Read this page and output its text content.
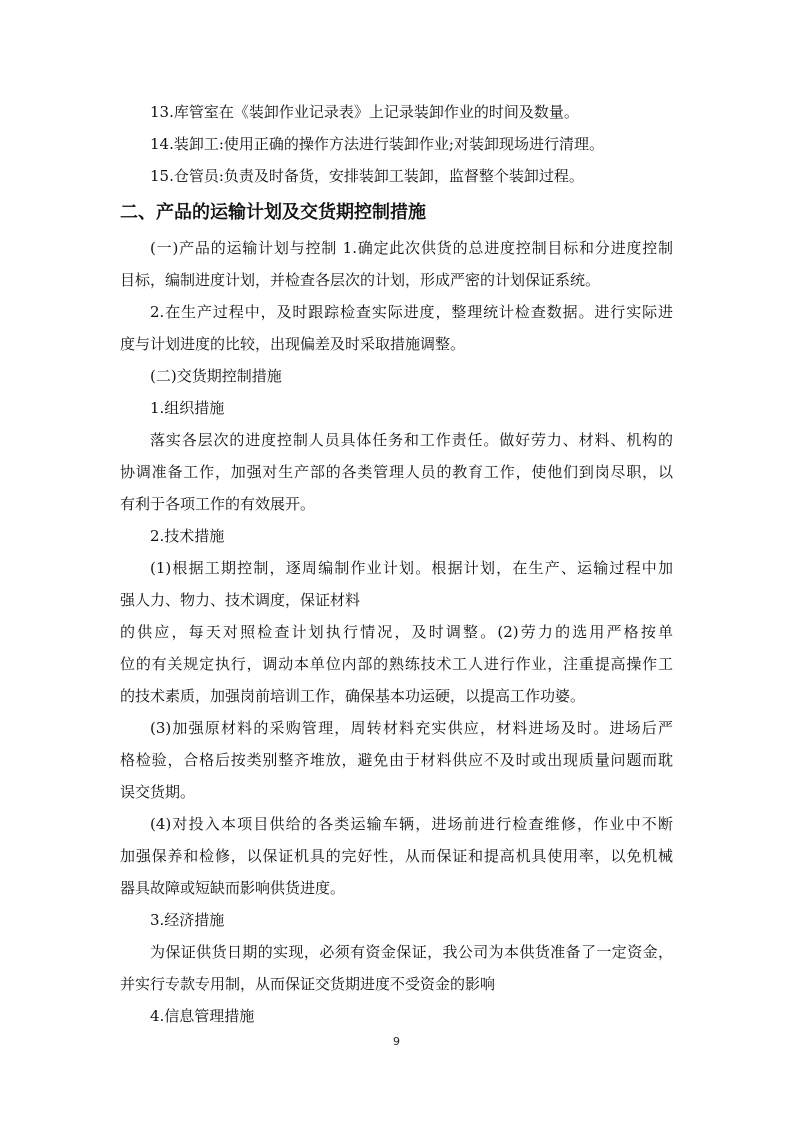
13.库管室在《装卸作业记录表》上记录装卸作业的时间及数量。
14.装卸工:使用正确的操作方法进行装卸作业;对装卸现场进行清理。
15.仓管员:负责及时备货，安排装卸工装卸，监督整个装卸过程。
二、产品的运输计划及交货期控制措施
(一)产品的运输计划与控制 1.确定此次供货的总进度控制目标和分进度控制
目标，编制进度计划，并检查各层次的计划，形成严密的计划保证系统。
2.在生产过程中，及时跟踪检查实际进度，整理统计检查数据。进行实际进
度与计划进度的比较，出现偏差及时采取措施调整。
(二)交货期控制措施
1.组织措施
落实各层次的进度控制人员具体任务和工作责任。做好劳力、材料、机构的
协调准备工作，加强对生产部的各类管理人员的教育工作，使他们到岗尽职，以
有利于各项工作的有效展开。
2.技术措施
(1)根据工期控制，逐周编制作业计划。根据计划，在生产、运输过程中加
强人力、物力、技术调度，保证材料
的供应，每天对照检查计划执行情况，及时调整。(2)劳力的选用严格按单
位的有关规定执行，调动本单位内部的熟练技术工人进行作业，注重提高操作工
的技术素质，加强岗前培训工作，确保基本功运硬，以提高工作功婆。
(3)加强原材料的采购管理，周转材料充实供应，材料进场及时。进场后严
格检验，合格后按类别整齐堆放，避免由于材料供应不及时或出现质量问题而耽
误交货期。
(4)对投入本项目供给的各类运输车辆，进场前进行检查维修，作业中不断
加强保养和检修，以保证机具的完好性，从而保证和提高机具使用率，以免机械
器具故障或短缺而影响供货进度。
3.经济措施
为保证供货日期的实现，必须有资金保证，我公司为本供货准备了一定资金，
并实行专款专用制，从而保证交货期进度不受资金的影响
4.信息管理措施
9
